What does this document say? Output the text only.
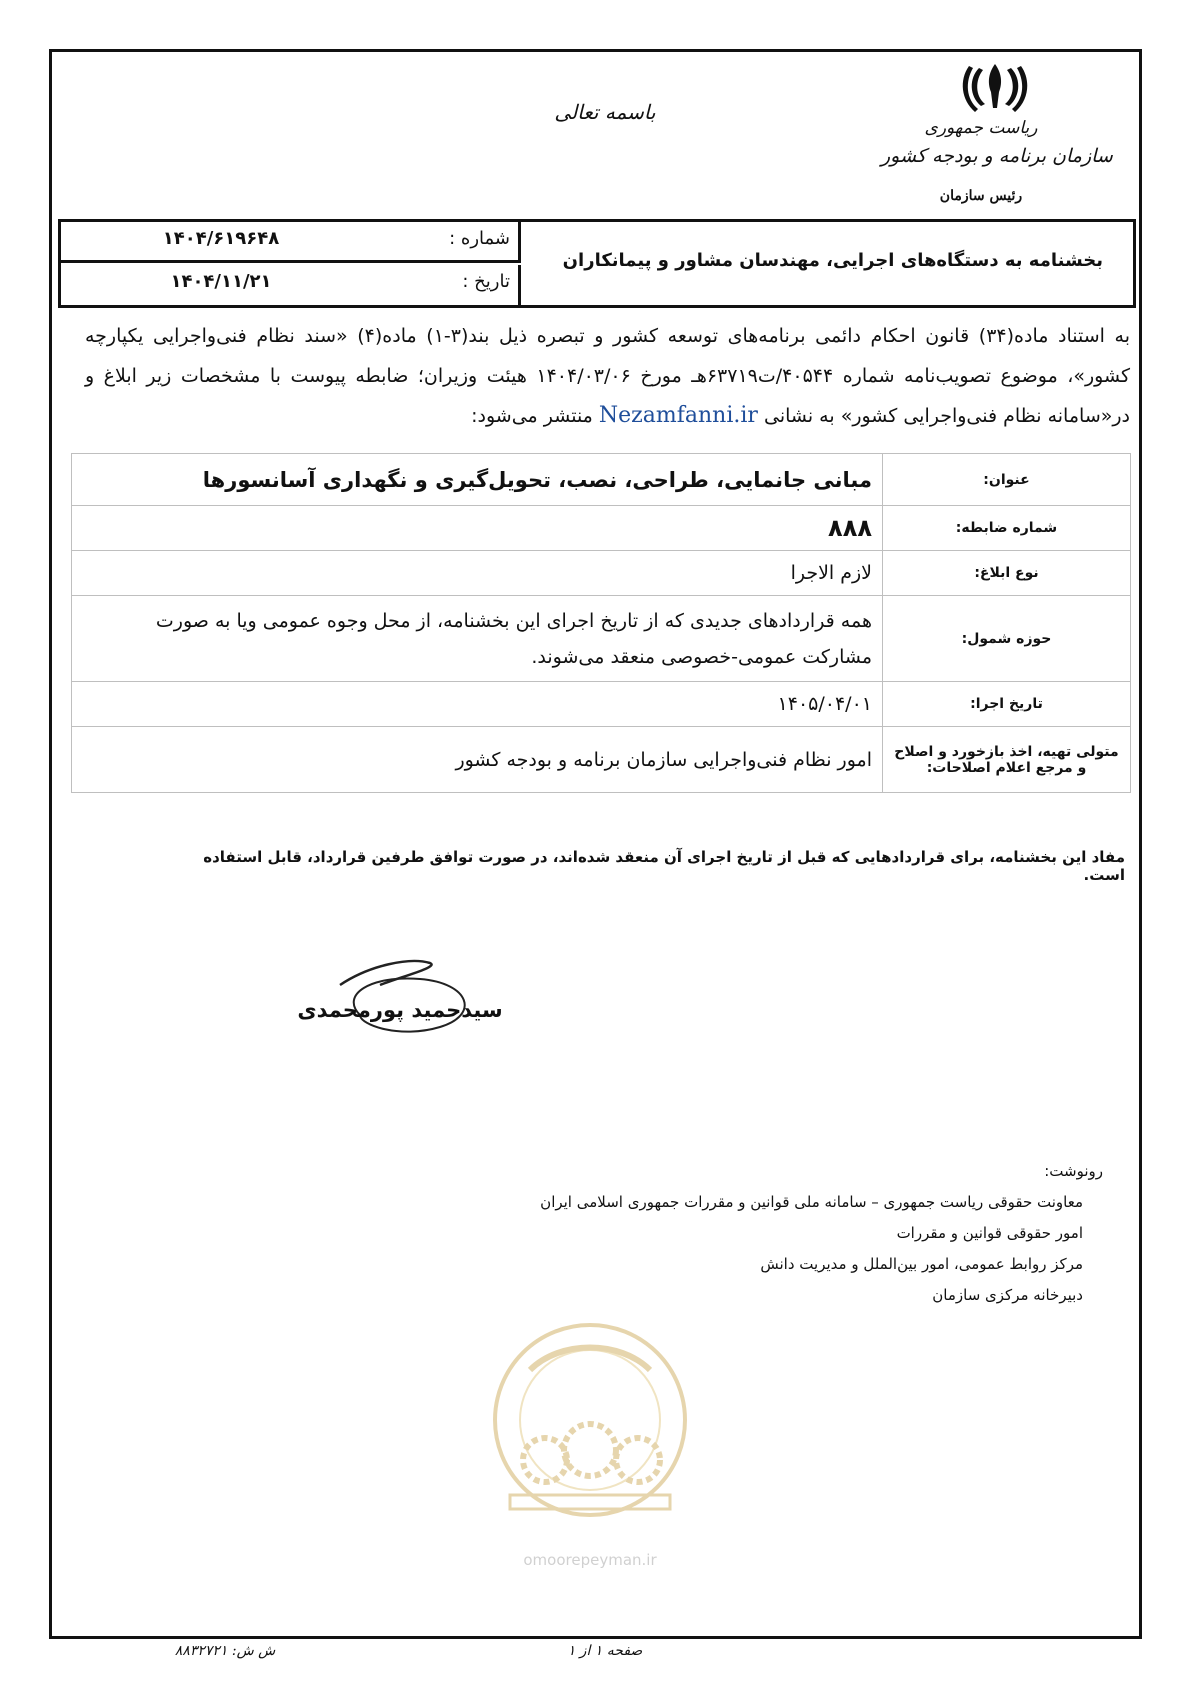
ریاست جمهوری
سازمان برنامه و بودجه کشور
رئیس سازمان
باسمه تعالی
شماره :
۱۴۰۴/۶۱۹۶۴۸
تاریخ :
۱۴۰۴/۱۱/۲۱
بخشنامه به دستگاه‌های اجرایی، مهندسان مشاور و پیمانکاران
به استناد ماده(۳۴) قانون احکام دائمی برنامه‌های توسعه کشور و تبصره ذیل بند(۳-۱) ماده(۴) «سند نظام فنی‌واجرایی یکپارچه کشور»، موضوع تصویب‌نامه شماره ۴۰۵۴۴/ت۶۳۷۱۹هـ مورخ ۱۴۰۴/۰۳/۰۶ هیئت وزیران؛ ضابطه پیوست با مشخصات زیر ابلاغ و در«سامانه نظام فنی‌واجرایی کشور» به نشانی Nezamfanni.ir منتشر می‌شود:
عنوان:	مبانی جانمایی، طراحی، نصب، تحویل‌گیری و نگهداری آسانسورها
شماره ضابطه:	۸۸۸
نوع ابلاغ:	لازم الاجرا
حوزه شمول:	همه قراردادهای جدیدی که از تاریخ اجرای این بخشنامه، از محل وجوه عمومی ویا به صورت مشارکت عمومی-خصوصی منعقد می‌شوند.
تاریخ اجرا:	۱۴۰۵/۰۴/۰۱
متولی تهیه، اخذ بازخورد و اصلاح و مرجع اعلام اصلاحات:	امور نظام فنی‌واجرایی سازمان برنامه و بودجه کشور
مفاد این بخشنامه، برای قراردادهایی که قبل از تاریخ اجرای آن منعقد شده‌اند، در صورت توافق طرفین قرارداد، قابل استفاده است.
سیدحمید پورمحمدی
رونوشت:
معاونت حقوقی ریاست جمهوری – سامانه ملی قوانین و مقررات جمهوری اسلامی ایران
امور حقوقی قوانین و مقررات
مرکز روابط عمومی، امور بین‌الملل و مدیریت دانش
دبیرخانه مرکزی سازمان
omoorepeyman.ir
صفحه ۱ از ۱
ش ش: ۸۸۳۲۷۲۱
